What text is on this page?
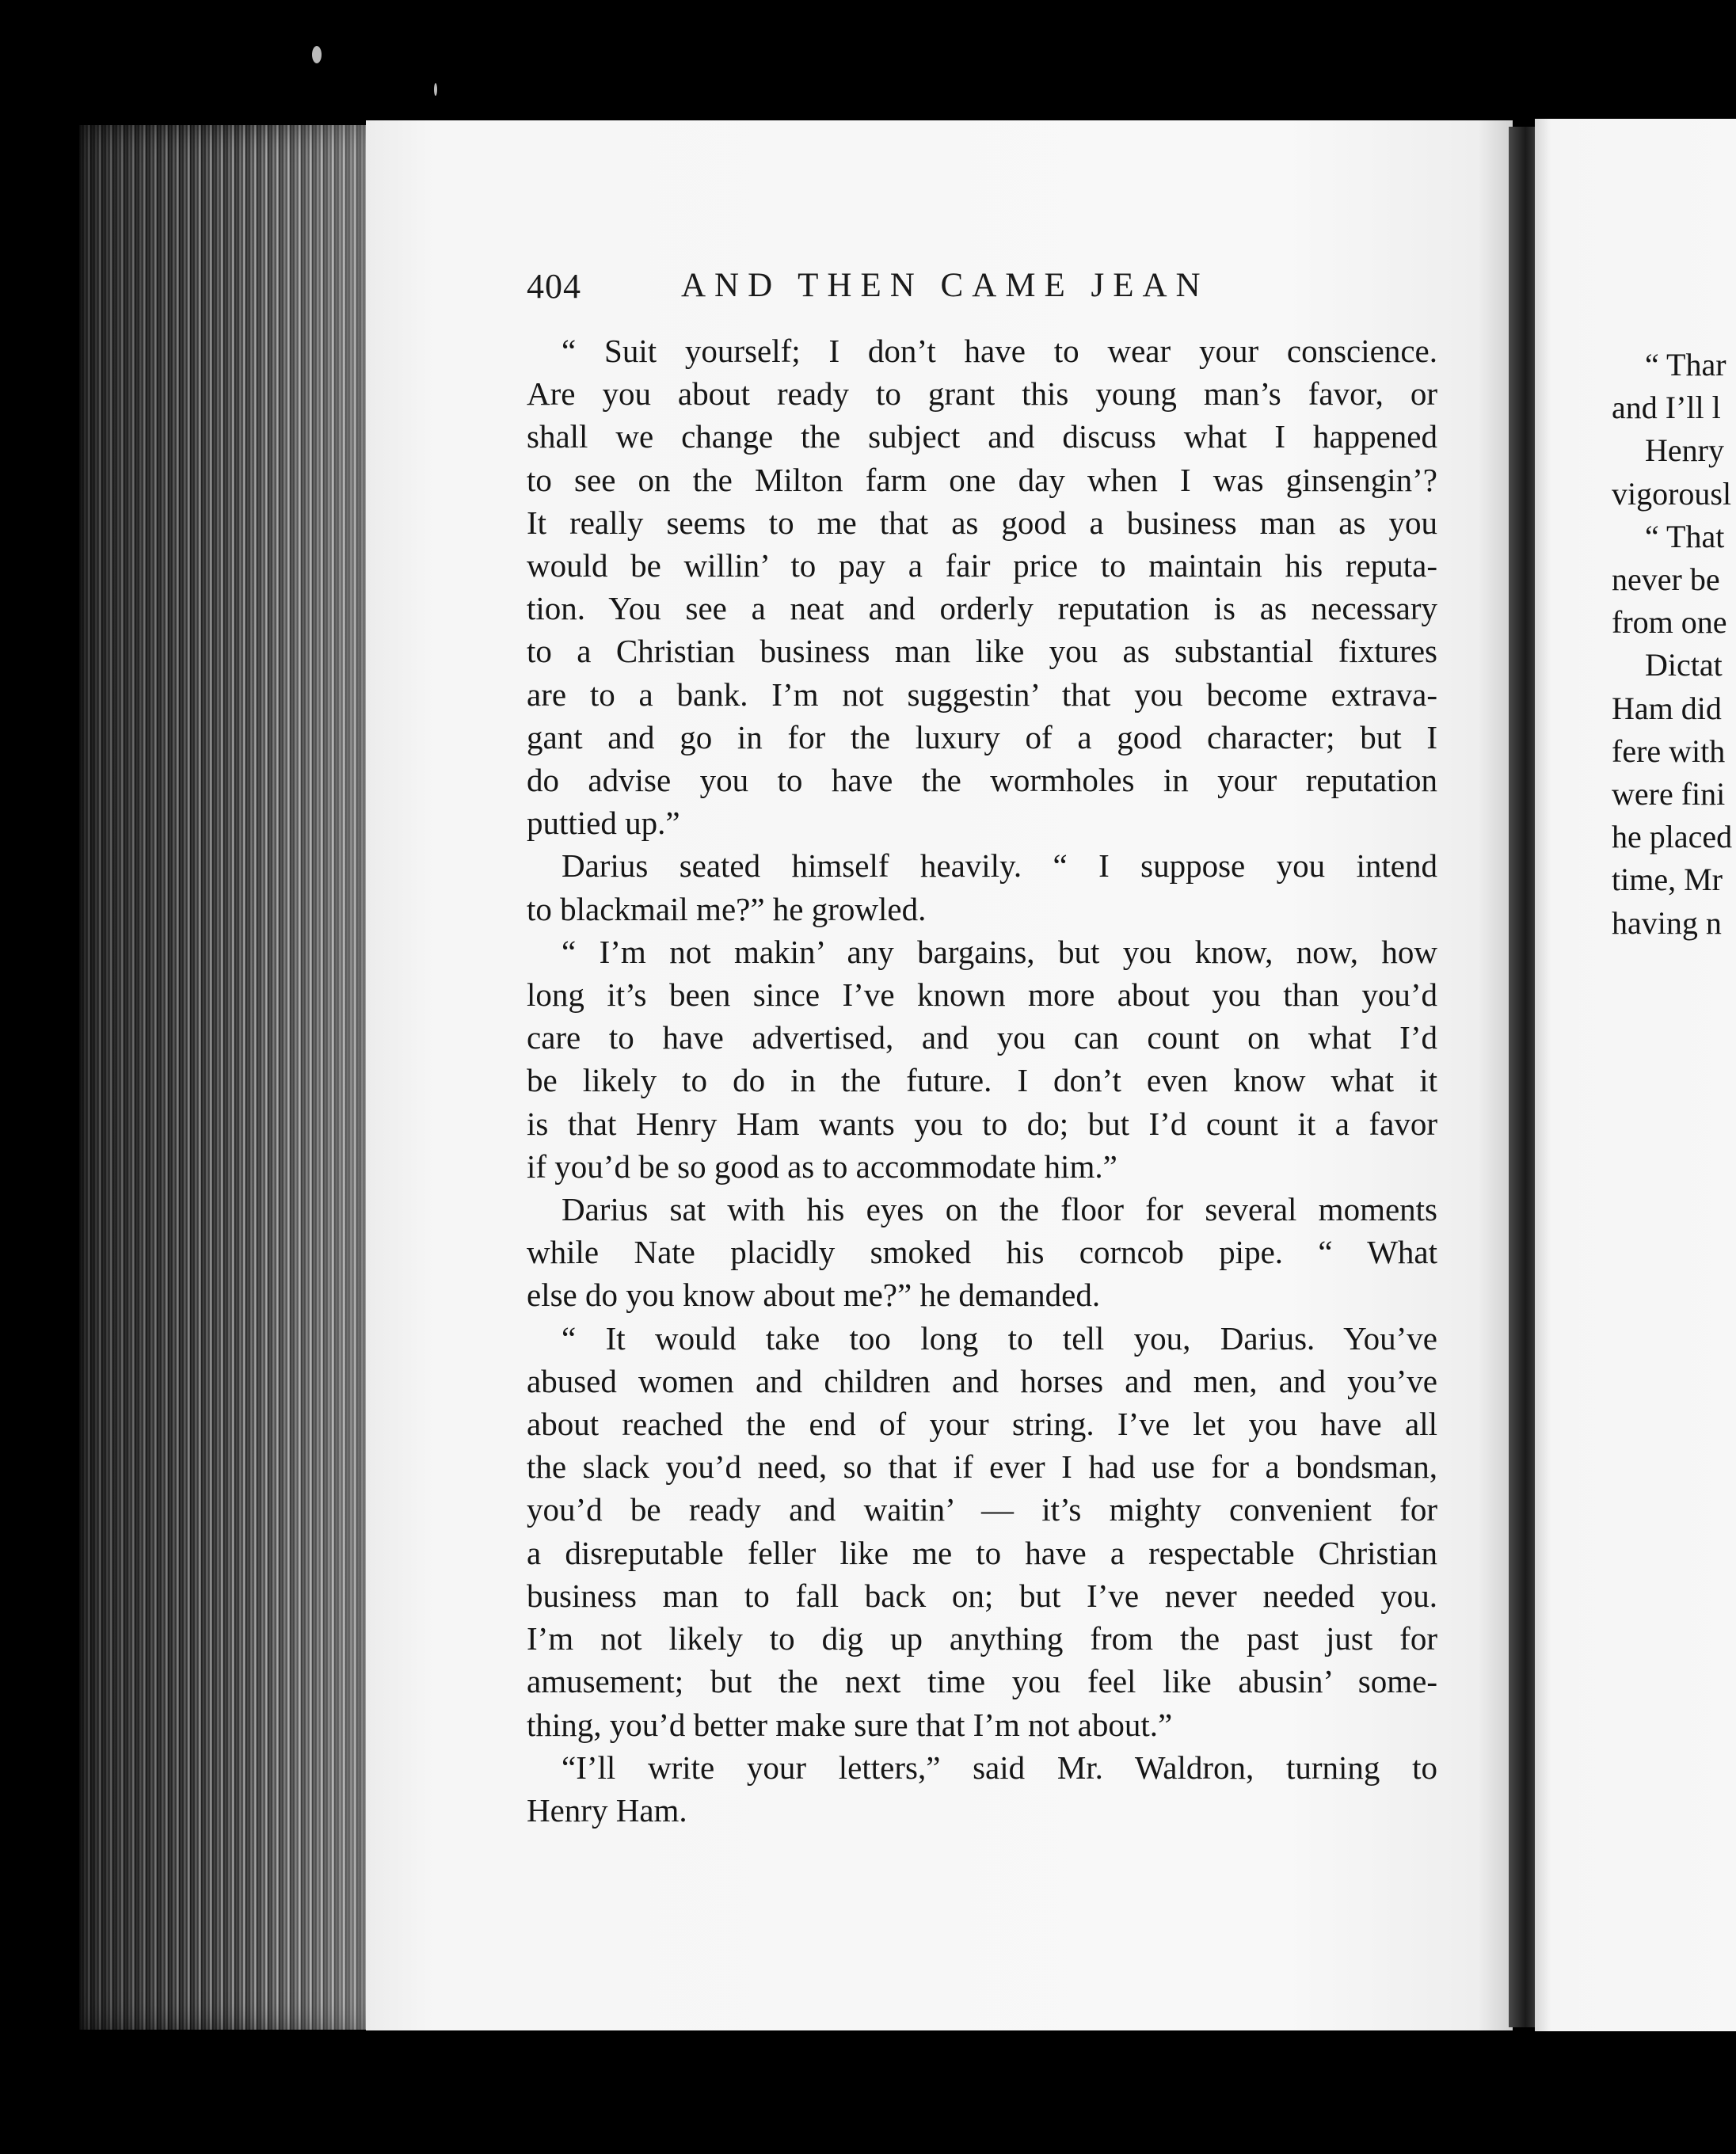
404	AND THEN CAME JEAN
“ Suit yourself; I don’t have to wear your conscience.
Are you about ready to grant this young man’s favor, or
shall we change the subject and discuss what I happened
to see on the Milton farm one day when I was ginsengin’?
It really seems to me that as good a business man as you
would be willin’ to pay a fair price to maintain his reputa-
tion. You see a neat and orderly reputation is as necessary
to a Christian business man like you as substantial fixtures
are to a bank. I’m not suggestin’ that you become extrava-
gant and go in for the luxury of a good character; but I
do advise you to have the wormholes in your reputation
puttied up.”
Darius seated himself heavily. “ I suppose you intend
to blackmail me?” he growled.
“ I’m not makin’ any bargains, but you know, now, how
long it’s been since I’ve known more about you than you’d
care to have advertised, and you can count on what I’d
be likely to do in the future. I don’t even know what it
is that Henry Ham wants you to do; but I’d count it a favor
if you’d be so good as to accommodate him.”
Darius sat with his eyes on the floor for several moments
while Nate placidly smoked his corncob pipe. “ What
else do you know about me?” he demanded.
“ It would take too long to tell you, Darius. You’ve
abused women and children and horses and men, and you’ve
about reached the end of your string. I’ve let you have all
the slack you’d need, so that if ever I had use for a bondsman,
you’d be ready and waitin’ — it’s mighty convenient for
a disreputable feller like me to have a respectable Christian
business man to fall back on; but I’ve never needed you.
I’m not likely to dig up anything from the past just for
amusement; but the next time you feel like abusin’ some-
thing, you’d better make sure that I’m not about.”
“I’ll write your letters,” said Mr. Waldron, turning to
Henry Ham.
“ Thar
and I’ll l
Henry
vigorousl
“ That
never be
from one
Dictat
Ham did
fere with
were fini
he placed
time, Mr
having n
